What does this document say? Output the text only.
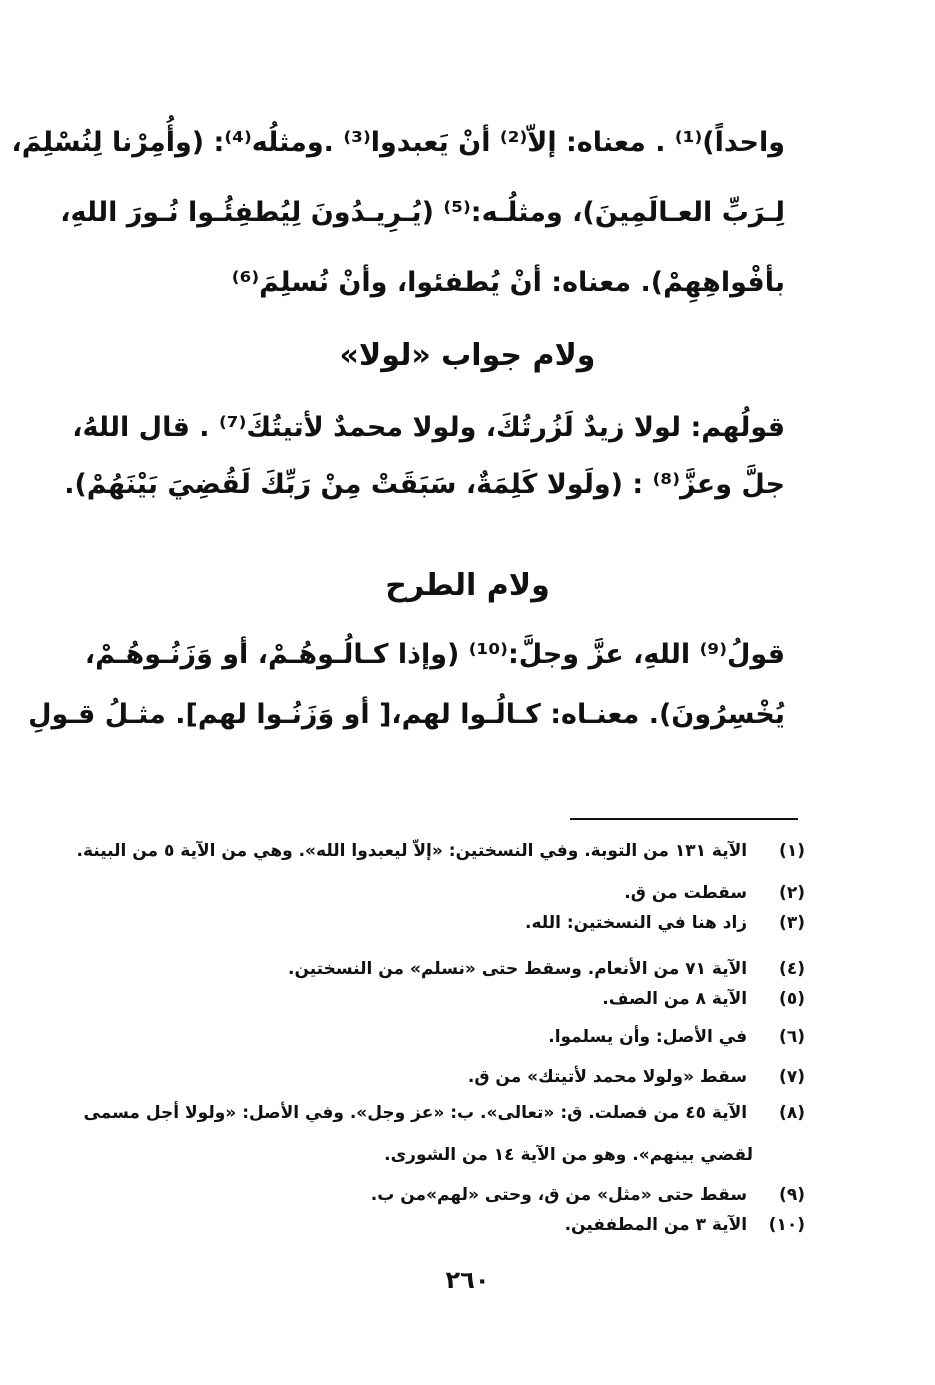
واحداً)⁽¹⁾ . معناه: إلاّ⁽²⁾ أنْ يَعبدوا⁽³⁾ .ومثلُه⁽⁴⁾: (وأُمِرْنا لِنُسْلِمَ،
لِـرَبِّ العـالَمِينَ)، ومثلُـه:⁽⁵⁾ (يُـرِيـدُونَ لِيُطفِئُـوا نُـورَ اللهِ،
بأفْواهِهِمْ). معناه: أنْ يُطفئوا، وأنْ نُسلِمَ⁽⁶⁾
ولام جواب «لولا»
قولُهم: لولا زيدٌ لَزُرتُكَ، ولولا محمدٌ لأتيتُكَ⁽⁷⁾ . قال اللهُ،
جلَّ وعزَّ⁽⁸⁾ : (ولَولا كَلِمَةٌ، سَبَقَتْ مِنْ رَبِّكَ لَقُضِيَ بَيْنَهُمْ).
ولام الطرح
قولُ⁽⁹⁾ اللهِ، عزَّ وجلَّ:⁽¹⁰⁾ (وإذا كـالُـوهُـمْ، أو وَزَنُـوهُـمْ،
يُخْسِرُونَ). معنـاه: كـالُـوا لهم،[ أو وَزَنُـوا لهم]. مثـلُ قـولِ
(١) الآية ١٣١ من التوبة. وفي النسختين: «إلاّ ليعبدوا الله». وهي من الآية ٥ من البينة.
(٢) سقطت من ق.
(٣) زاد هنا في النسختين: الله.
(٤) الآية ٧١ من الأنعام. وسقط حتى «نسلم» من النسختين.
(٥) الآية ٨ من الصف.
(٦) في الأصل: وأن يسلموا.
(٧) سقط «ولولا محمد لأتيتك» من ق.
(٨) الآية ٤٥ من فصلت. ق: «تعالى». ب: «عز وجل». وفي الأصل: «ولولا أجل مسمى
لقضي بينهم». وهو من الآية ١٤ من الشورى.
(٩) سقط حتى «مثل» من ق، وحتى «لهم»من ب.
(١٠) الآية ٣ من المطففين.
٢٦٠
